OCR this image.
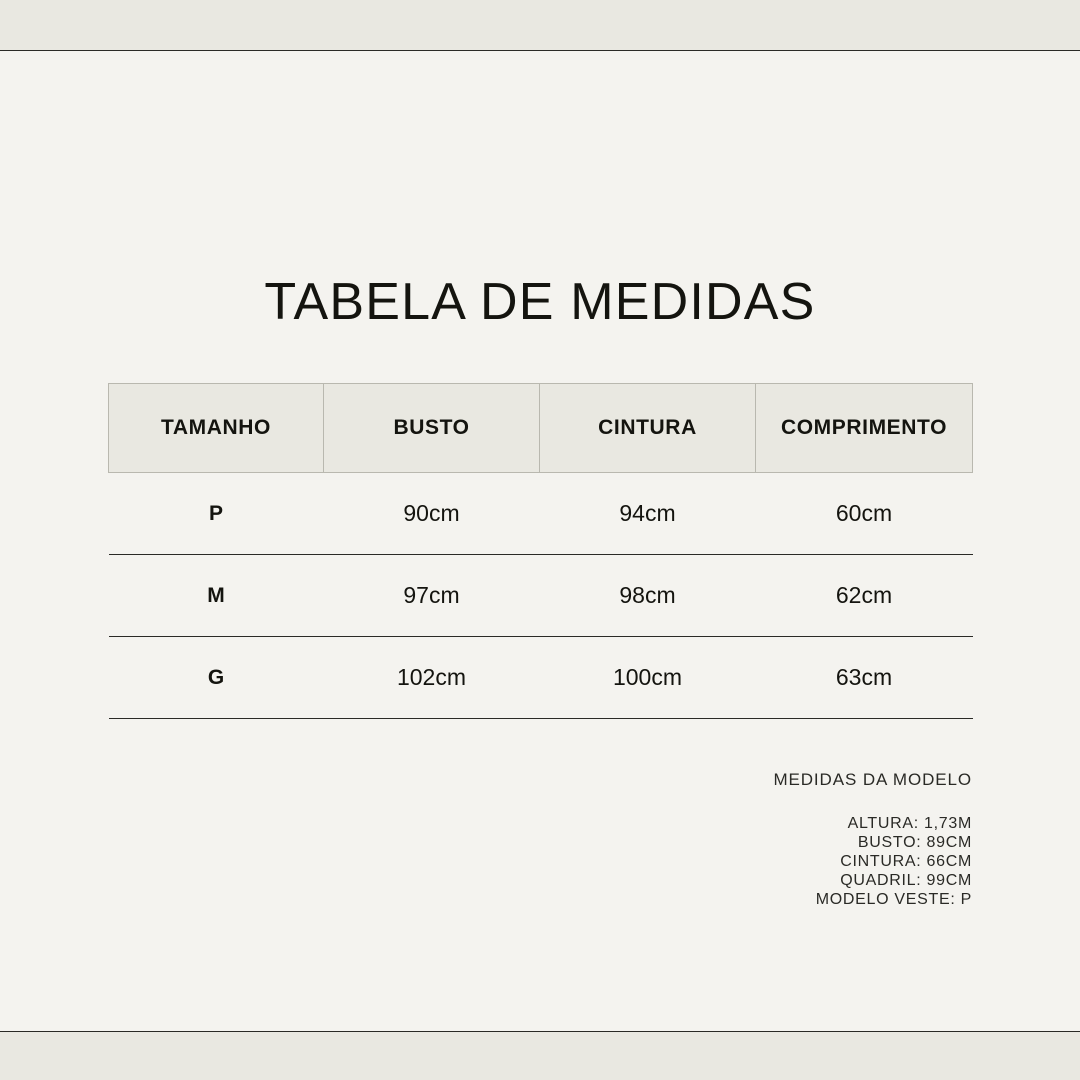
TABELA DE MEDIDAS
TAMANHO	BUSTO	CINTURA	COMPRIMENTO
P	90cm	94cm	60cm
M	97cm	98cm	62cm
G	102cm	100cm	63cm
MEDIDAS DA MODELO
ALTURA: 1,73M
BUSTO: 89CM
CINTURA: 66CM
QUADRIL: 99CM
MODELO VESTE: P
